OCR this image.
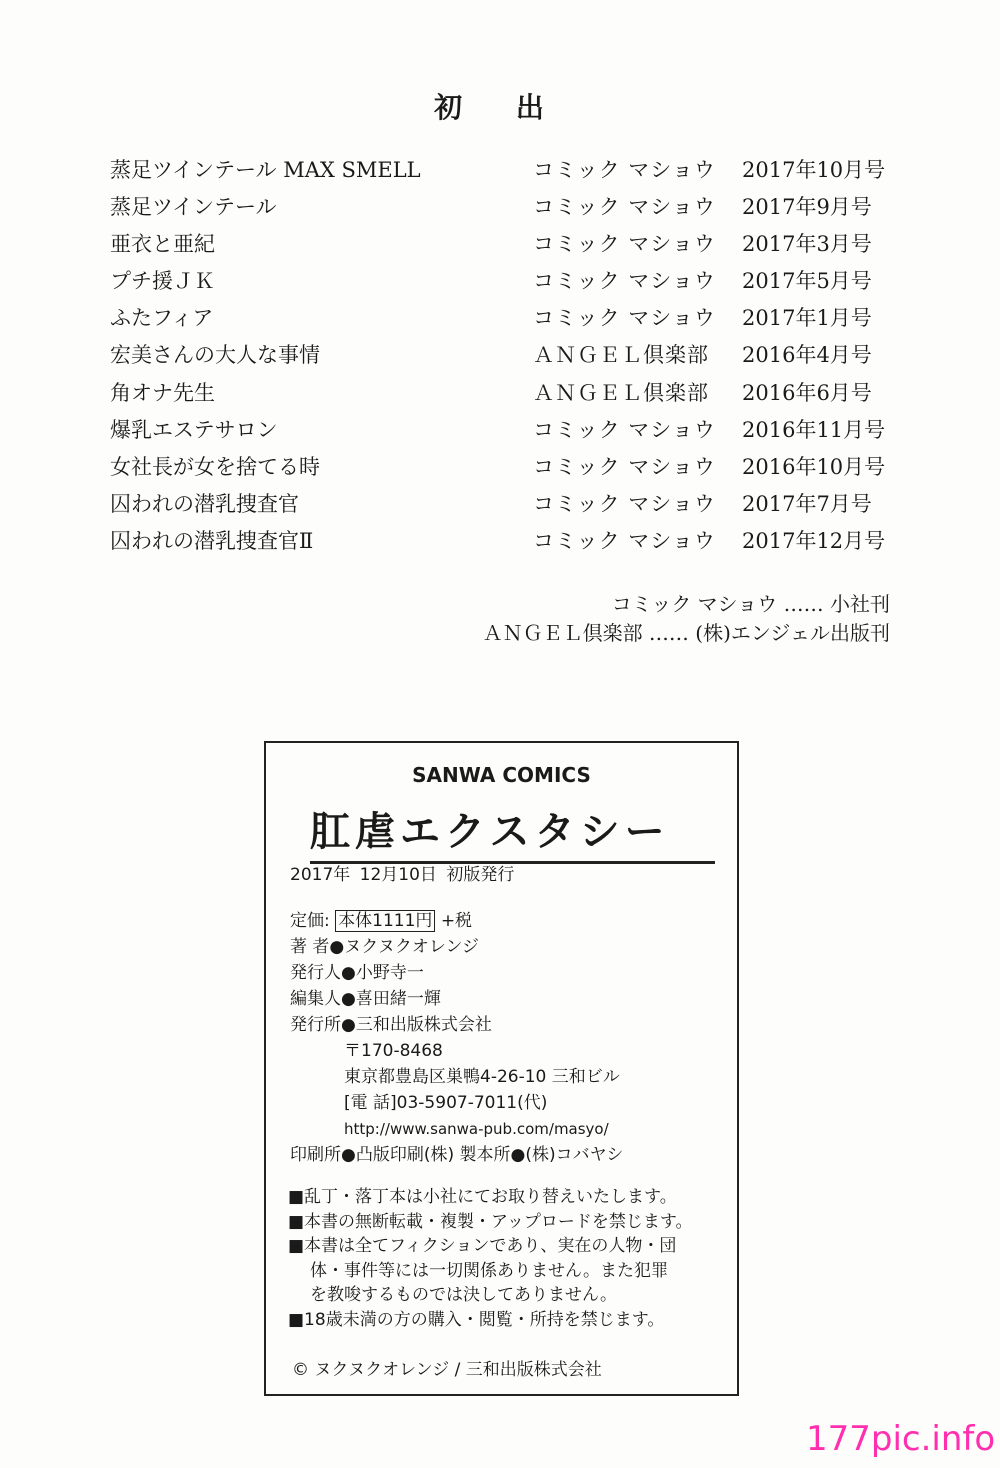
初 出
蒸足ツインテール MAX SMELL	コミック マショウ 2017年10月号
蒸足ツインテール	コミック マショウ 2017年9月号
亜衣と亜紀	コミック マショウ 2017年3月号
プチ援ＪＫ	コミック マショウ 2017年5月号
ふたフィア	コミック マショウ 2017年1月号
宏美さんの大人な事情	ＡＮＧＥＬ倶楽部 2016年4月号
角オナ先生	ＡＮＧＥＬ倶楽部 2016年6月号
爆乳エステサロン	コミック マショウ 2016年11月号
女社長が女を捨てる時	コミック マショウ 2016年10月号
囚われの潜乳捜査官	コミック マショウ 2017年7月号
囚われの潜乳捜査官Ⅱ	コミック マショウ 2017年12月号
コミック マショウ …… 小社刊
ＡＮＧＥＬ倶楽部 …… (株)エンジェル出版刊
SANWA COMICS
肛虐エクスタシー
2017年 12月10日 初版発行
定価: 本体1111円 +税
著 者●ヌクヌクオレンジ
発行人●小野寺一
編集人●喜田緒一輝
発行所●三和出版株式会社
〒170-8468
東京都豊島区巣鴨4-26-10 三和ビル
[電 話]03-5907-7011(代)
http://www.sanwa-pub.com/masyo/
印刷所●凸版印刷(株) 製本所●(株)コバヤシ
■乱丁・落丁本は小社にてお取り替えいたします。
■本書の無断転載・複製・アップロードを禁じます。
■本書は全てフィクションであり、実在の人物・団
体・事件等には一切関係ありません。また犯罪
を教唆するものでは決してありません。
■18歳未満の方の購入・閲覧・所持を禁じます。
© ヌクヌクオレンジ / 三和出版株式会社
177pic.info
